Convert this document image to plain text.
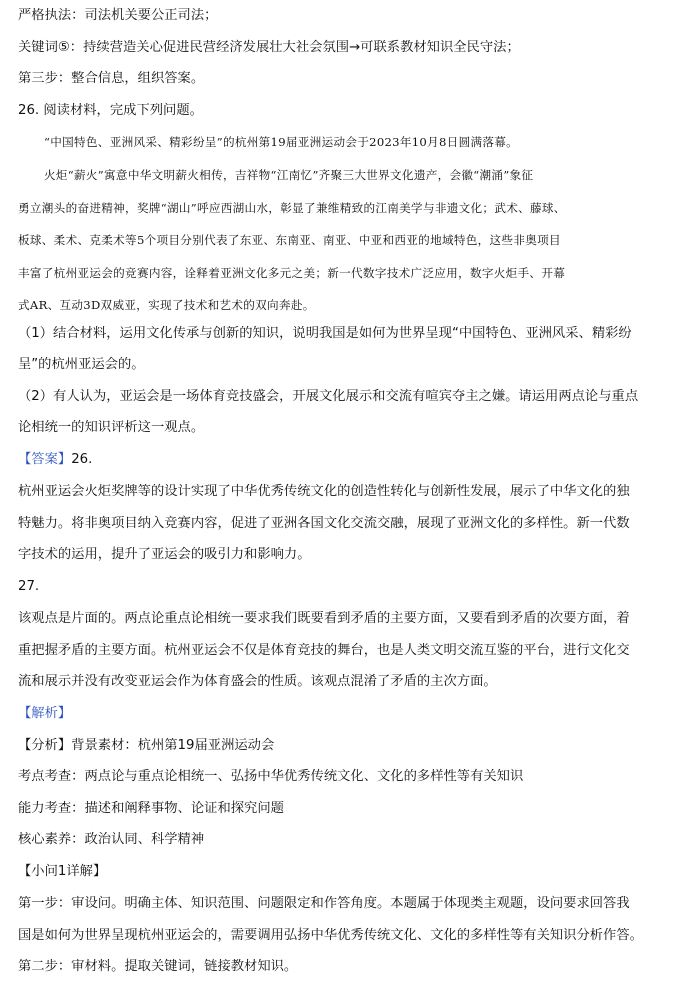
严格执法：司法机关要公正司法；
关键词⑤：持续营造关心促进民营经济发展壮大社会氛围→可联系教材知识全民守法；
第三步：整合信息，组织答案。
26. 阅读材料，完成下列问题。
“中国特色、亚洲风采、精彩纷呈”的杭州第19届亚洲运动会于2023年10月8日圆满落幕。
火炬“薪火”寓意中华文明薪火相传，吉祥物“江南忆”齐聚三大世界文化遗产，会徽“潮涌”象征
勇立潮头的奋进精神，奖牌“湖山”呼应西湖山水，彰显了兼维精致的江南美学与非遗文化；武术、藤球、
板球、柔术、克柔术等5个项目分别代表了东亚、东南亚、南亚、中亚和西亚的地域特色，这些非奥项目
丰富了杭州亚运会的竞赛内容，诠释着亚洲文化多元之美；新一代数字技术广泛应用，数字火炬手、开幕
式AR、互动3D双威亚，实现了技术和艺术的双向奔赴。
（1）结合材料，运用文化传承与创新的知识，说明我国是如何为世界呈现“中国特色、亚洲风采、精彩纷
呈”的杭州亚运会的。
（2）有人认为，亚运会是一场体育竞技盛会，开展文化展示和交流有喧宾夺主之嫌。请运用两点论与重点
论相统一的知识评析这一观点。
【答案】26.
杭州亚运会火炬奖牌等的设计实现了中华优秀传统文化的创造性转化与创新性发展，展示了中华文化的独
特魅力。将非奥项目纳入竞赛内容，促进了亚洲各国文化交流交融，展现了亚洲文化的多样性。新一代数
字技术的运用，提升了亚运会的吸引力和影响力。
27.
该观点是片面的。两点论重点论相统一要求我们既要看到矛盾的主要方面，又要看到矛盾的次要方面，着
重把握矛盾的主要方面。杭州亚运会不仅是体育竞技的舞台，也是人类文明交流互鉴的平台，进行文化交
流和展示并没有改变亚运会作为体育盛会的性质。该观点混淆了矛盾的主次方面。
【解析】
【分析】背景素材：杭州第19届亚洲运动会
考点考查：两点论与重点论相统一、弘扬中华优秀传统文化、文化的多样性等有关知识
能力考查：描述和阐释事物、论证和探究问题
核心素养：政治认同、科学精神
【小问1详解】
第一步：审设问。明确主体、知识范围、问题限定和作答角度。本题属于体现类主观题，设问要求回答我
国是如何为世界呈现杭州亚运会的，需要调用弘扬中华优秀传统文化、文化的多样性等有关知识分析作答。
第二步：审材料。提取关键词，链接教材知识。
